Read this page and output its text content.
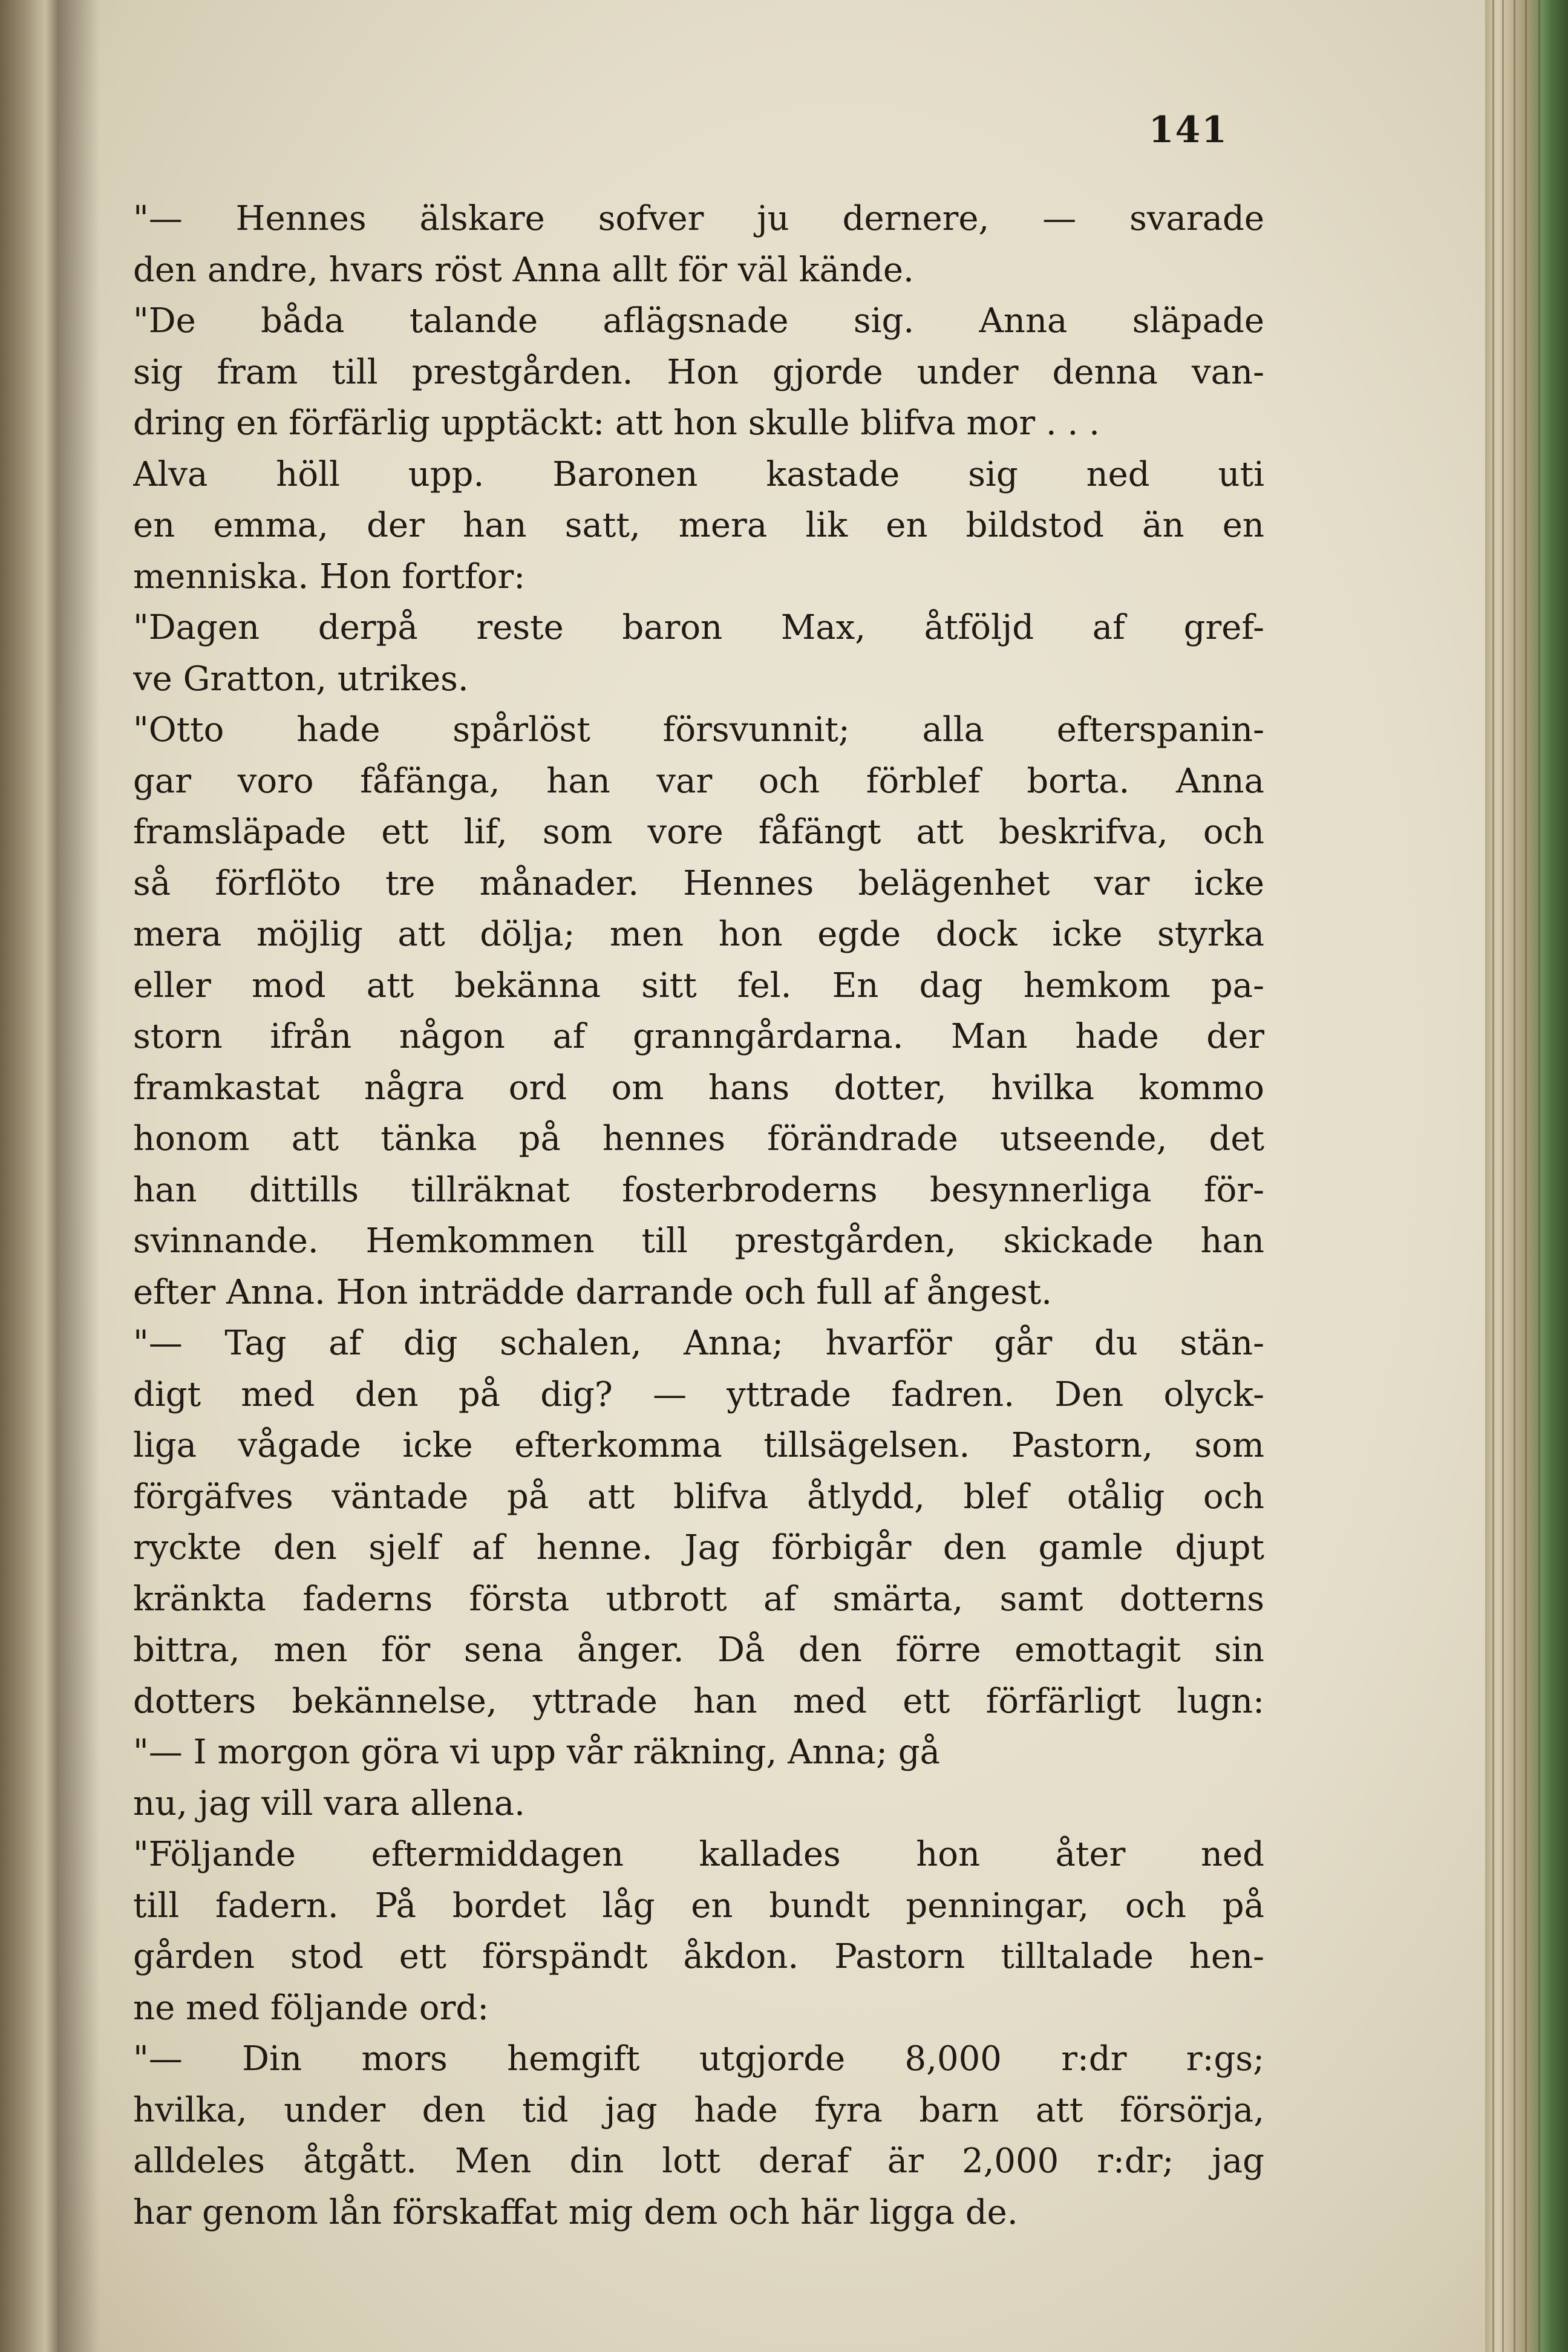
141
"— Hennes älskare sofver ju dernere, — svarade
den andre, hvars röst Anna allt för väl kände.
"De båda talande aflägsnade sig. Anna släpade
sig fram till prestgården. Hon gjorde under denna van-
dring en förfärlig upptäckt: att hon skulle blifva mor . . .
Alva höll upp. Baronen kastade sig ned uti
en emma, der han satt, mera lik en bildstod än en
menniska. Hon fortfor:
"Dagen derpå reste baron Max, åtföljd af gref-
ve Gratton, utrikes.
"Otto hade spårlöst försvunnit; alla efterspanin-
gar voro fåfänga, han var och förblef borta. Anna
framsläpade ett lif, som vore fåfängt att beskrifva, och
så förflöto tre månader. Hennes belägenhet var icke
mera möjlig att dölja; men hon egde dock icke styrka
eller mod att bekänna sitt fel. En dag hemkom pa-
storn ifrån någon af granngårdarna. Man hade der
framkastat några ord om hans dotter, hvilka kommo
honom att tänka på hennes förändrade utseende, det
han dittills tillräknat fosterbroderns besynnerliga för-
svinnande. Hemkommen till prestgården, skickade han
efter Anna. Hon inträdde darrande och full af ångest.
"— Tag af dig schalen, Anna; hvarför går du stän-
digt med den på dig? — yttrade fadren. Den olyck-
liga vågade icke efterkomma tillsägelsen. Pastorn, som
förgäfves väntade på att blifva åtlydd, blef otålig och
ryckte den sjelf af henne. Jag förbigår den gamle djupt
kränkta faderns första utbrott af smärta, samt dotterns
bittra, men för sena ånger. Då den förre emottagit sin
dotters bekännelse, yttrade han med ett förfärligt lugn:
"— I morgon göra vi upp vår räkning, Anna; gå
nu, jag vill vara allena.
"Följande eftermiddagen kallades hon åter ned
till fadern. På bordet låg en bundt penningar, och på
gården stod ett förspändt åkdon. Pastorn tilltalade hen-
ne med följande ord:
"— Din mors hemgift utgjorde 8,000 r:dr r:gs;
hvilka, under den tid jag hade fyra barn att försörja,
alldeles åtgått. Men din lott deraf är 2,000 r:dr; jag
har genom lån förskaffat mig dem och här ligga de.
